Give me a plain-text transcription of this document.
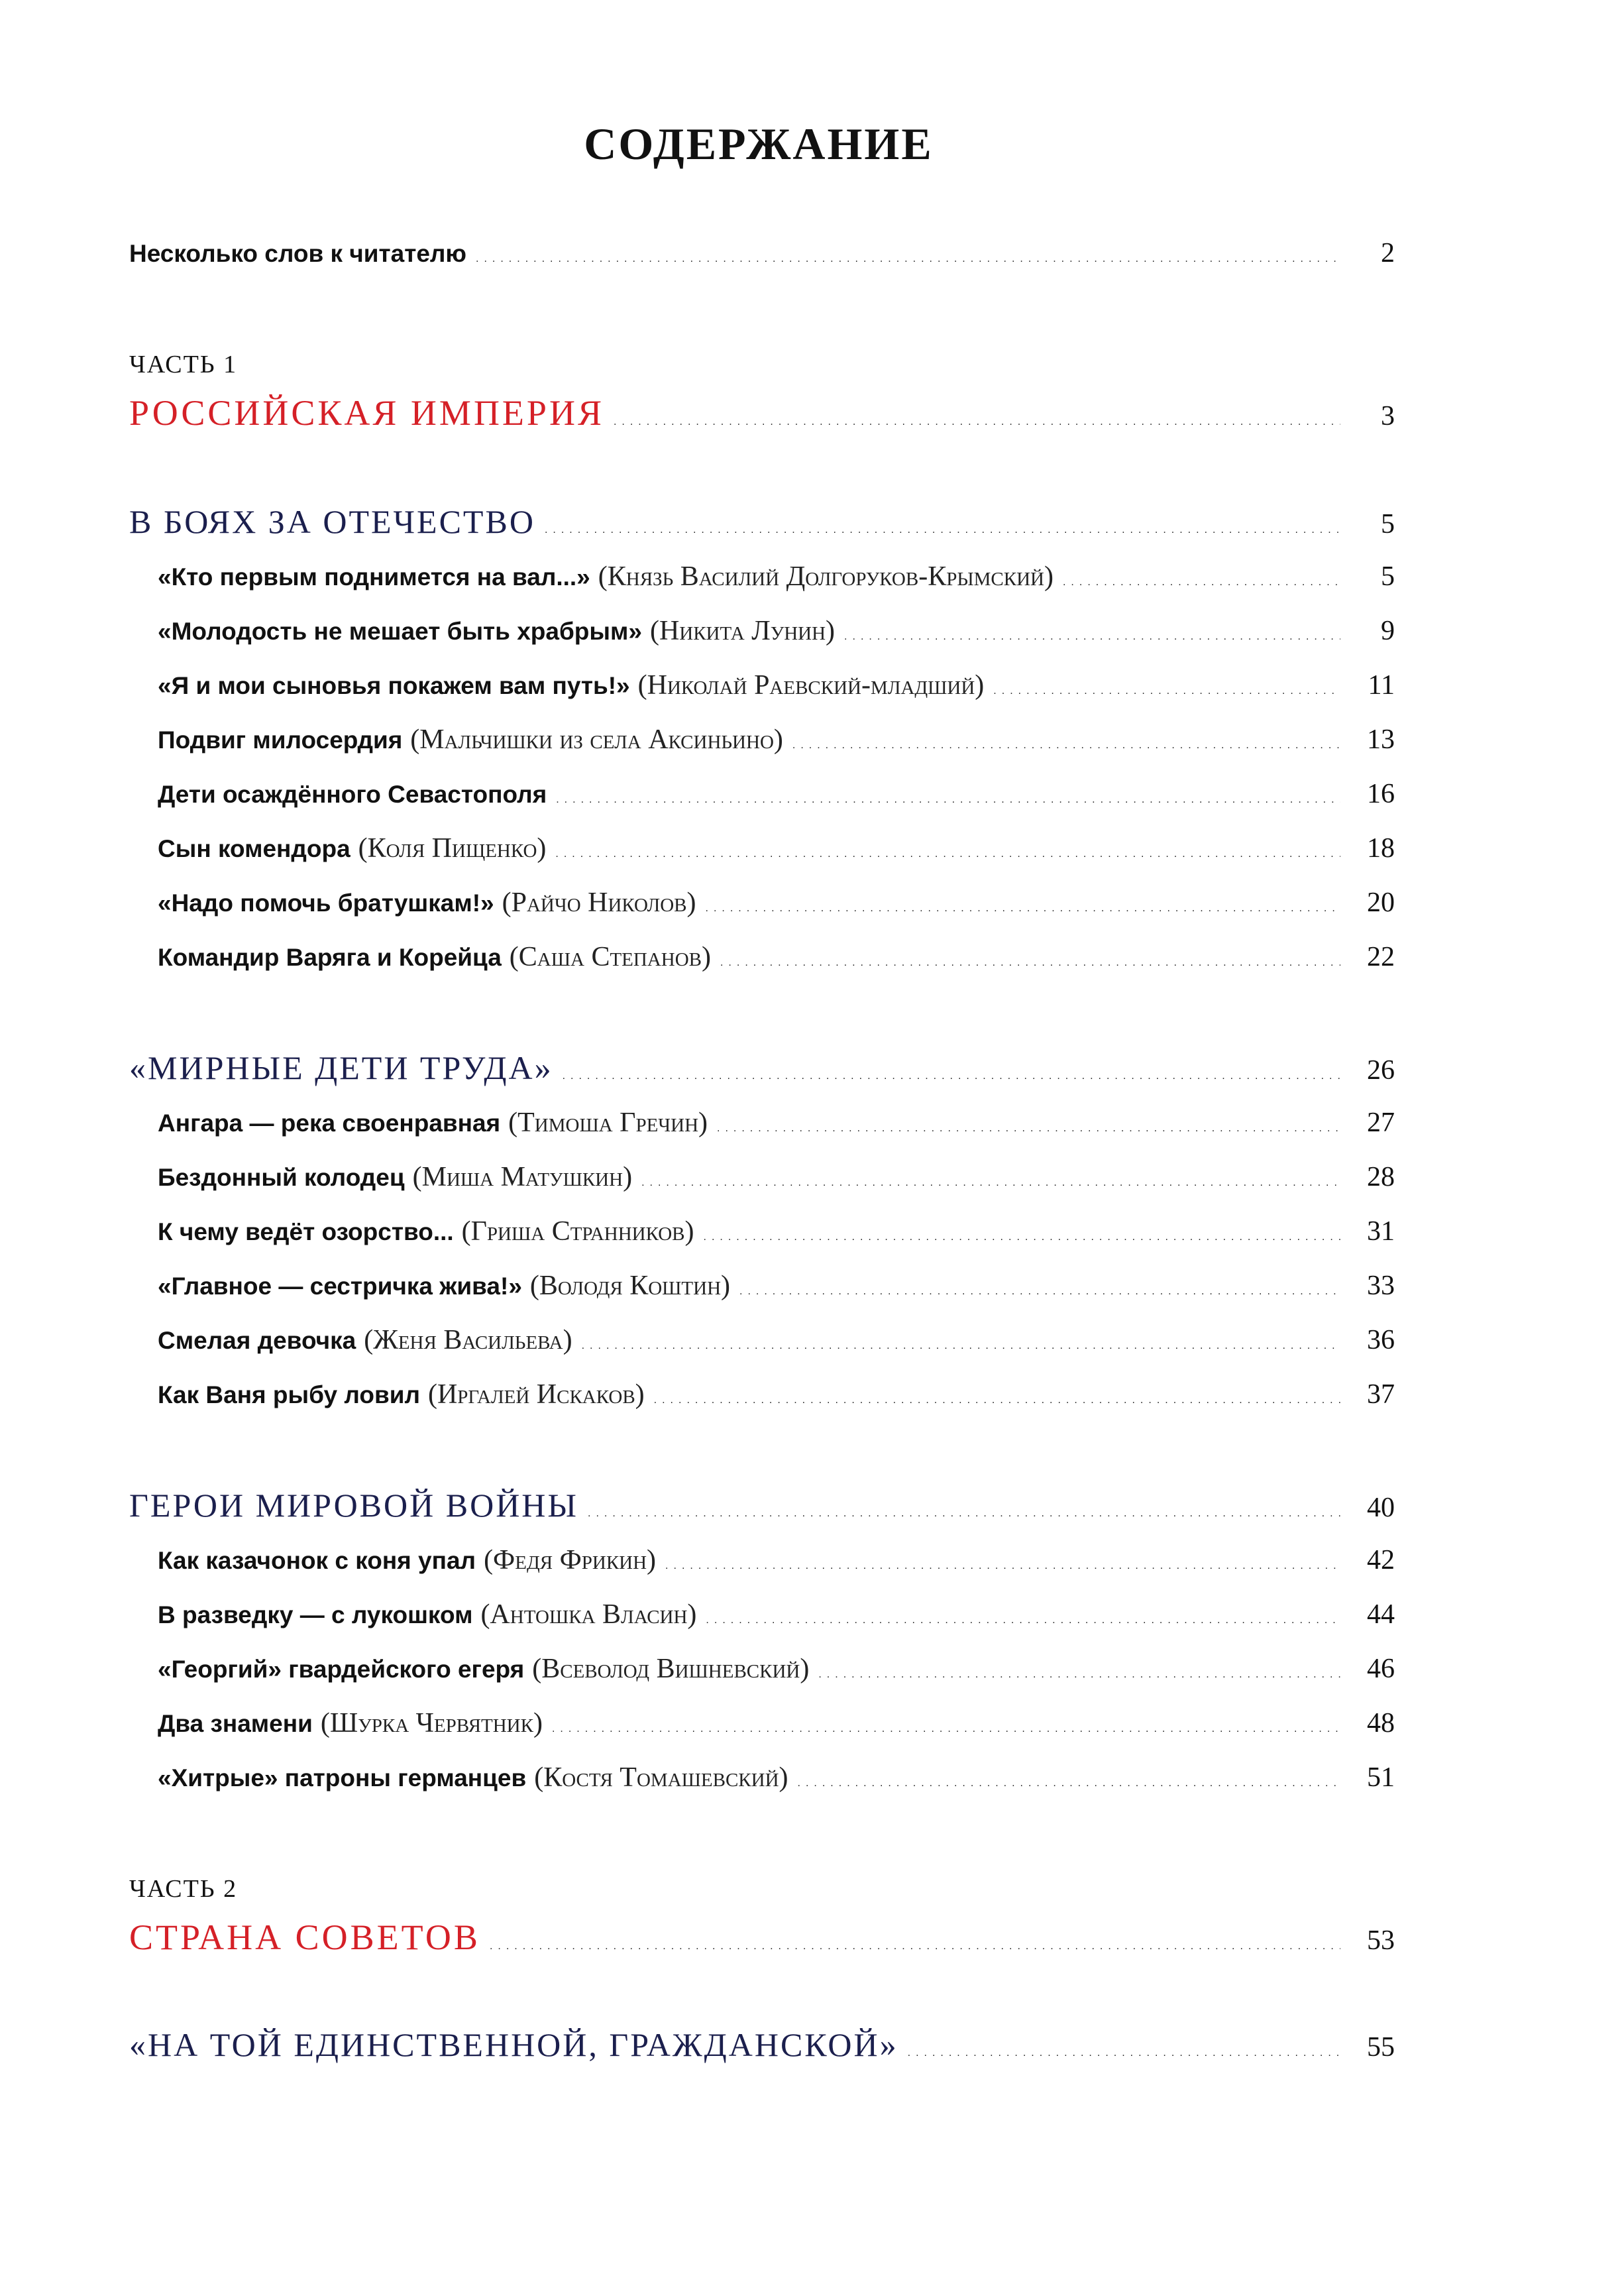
СОДЕРЖАНИЕ
Несколько слов к читателю .....	2
ЧАСТЬ 1
РОССИЙСКАЯ ИМПЕРИЯ .....	3
В БОЯХ ЗА ОТЕЧЕСТВО .....	5
«Кто первым поднимется на вал...» (Князь Василий Долгоруков-Крымский) .....	5
«Молодость не мешает быть храбрым» (Никита Лунин) .....	9
«Я и мои сыновья покажем вам путь!» (Николай Раевский-младший) .....	11
Подвиг милосердия (Мальчишки из села Аксиньино) .....	13
Дети осаждённого Севастополя .....	16
Сын комендора (Коля Пищенко) .....	18
«Надо помочь братушкам!» (Райчо Николов) .....	20
Командир Варяга и Корейца (Саша Степанов) .....	22
«МИРНЫЕ ДЕТИ ТРУДА» .....	26
Ангара — река своенравная (Тимоша Гречин) .....	27
Бездонный колодец (Миша Матушкин) .....	28
К чему ведёт озорство... (Гриша Странников) .....	31
«Главное — сестричка жива!» (Володя Коштин) .....	33
Смелая девочка (Женя Васильева) .....	36
Как Ваня рыбу ловил (Иргалей Искаков) .....	37
ГЕРОИ МИРОВОЙ ВОЙНЫ .....	40
Как казачонок с коня упал (Федя Фрикин) .....	42
В разведку — с лукошком (Антошка Власин) .....	44
«Георгий» гвардейского егеря (Всеволод Вишневский) .....	46
Два знамени (Шурка Червятник) .....	48
«Хитрые» патроны германцев (Костя Томашевский) .....	51
ЧАСТЬ 2
СТРАНА СОВЕТОВ .....	53
«НА ТОЙ ЕДИНСТВЕННОЙ, ГРАЖДАНСКОЙ» .....	55
